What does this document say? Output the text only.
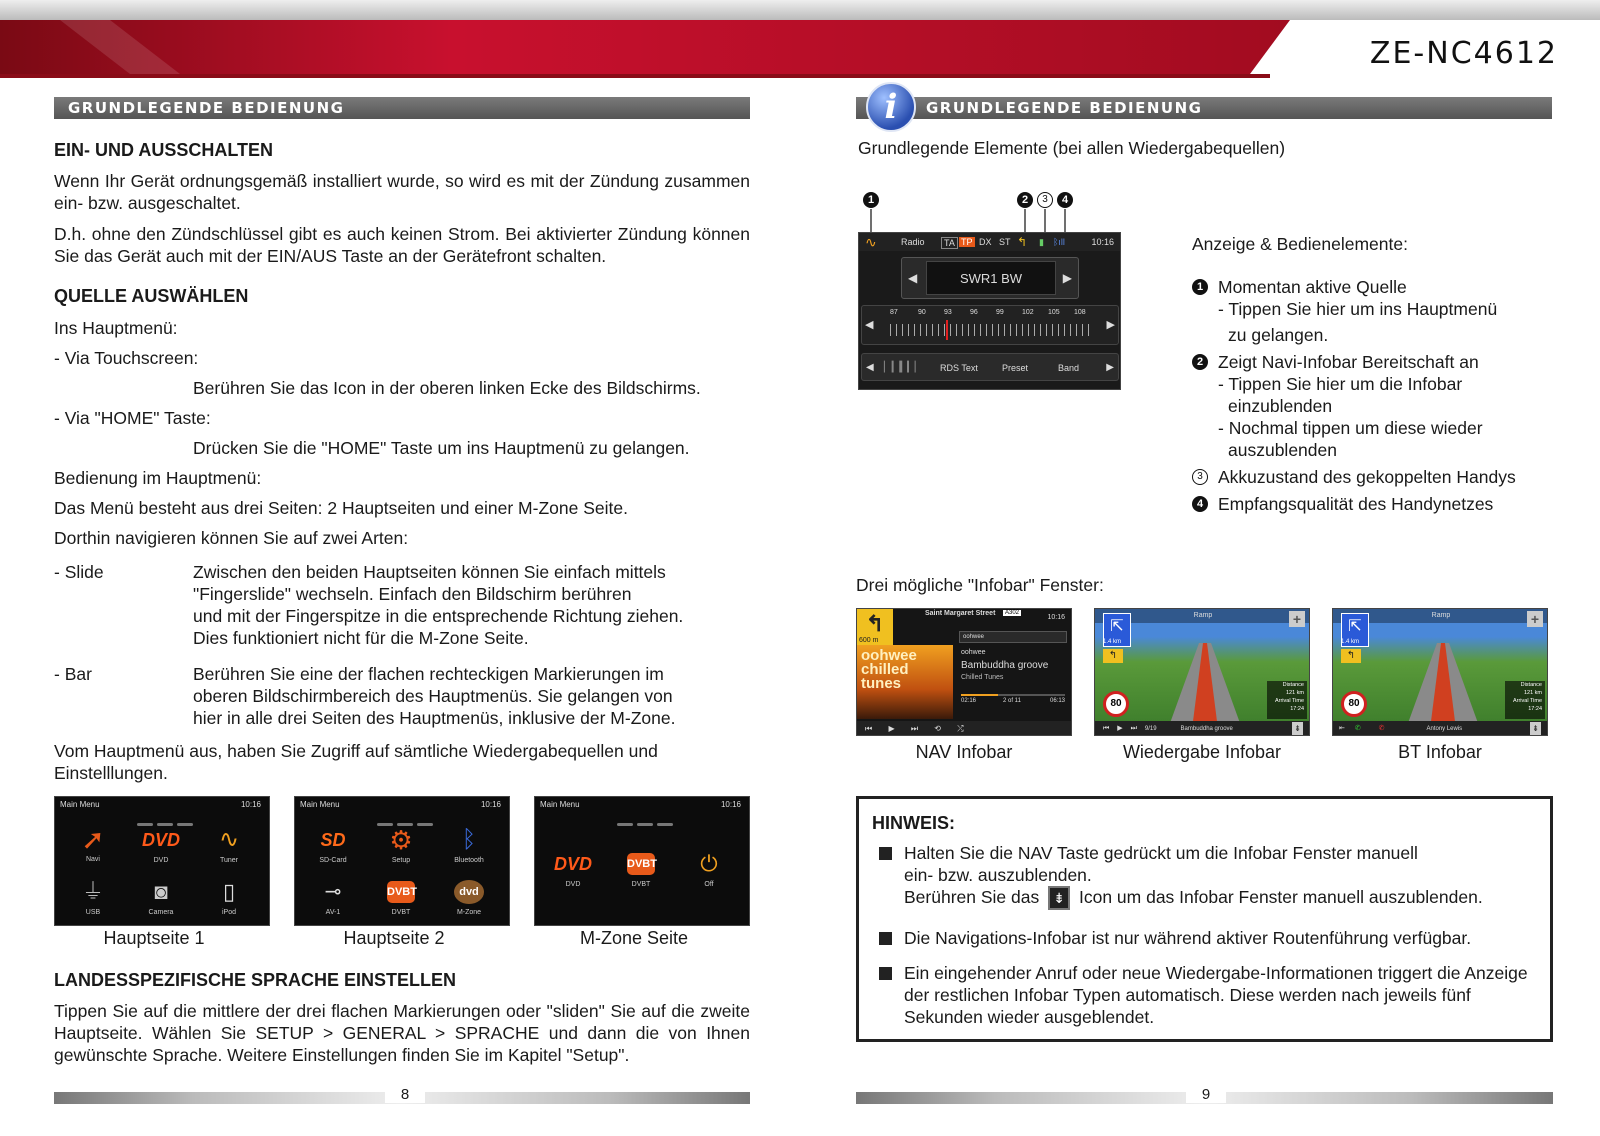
ZE-NC4612
GRUNDLEGENDE BEDIENUNG
EIN- UND AUSSCHALTEN
Wenn Ihr Gerät ordnungsgemäß installiert wurde, so wird es mit der Zündung zusammen ein- bzw. ausgeschaltet.
D.h. ohne den Zündschlüssel gibt es auch keinen Strom. Bei aktivierter Zündung können Sie das Gerät auch mit der EIN/AUS Taste an der Gerätefront schalten.
QUELLE AUSWÄHLEN
Ins Hauptmenü:
- Via Touchscreen:
Berühren Sie das Icon in der oberen linken Ecke des Bildschirms.
- Via "HOME" Taste:
Drücken Sie die "HOME" Taste um ins Hauptmenü zu gelangen.
Bedienung im Hauptmenü:
Das Menü besteht aus drei Seiten: 2 Hauptseiten und einer M-Zone Seite.
Dorthin navigieren können Sie auf zwei Arten:
- Slide	Zwischen den beiden Hauptseiten können Sie einfach mittels
"Fingerslide" wechseln. Einfach den Bildschirm berühren
und mit der Fingerspitze in die entsprechende Richtung ziehen.
Dies funktioniert nicht für die M-Zone Seite.
- Bar	Berühren Sie eine der flachen rechteckigen Markierungen im
oberen Bildschirmbereich des Hauptmenüs. Sie gelangen von
hier in alle drei Seiten des Hauptmenüs, inklusive der M-Zone.
Vom Hauptmenü aus, haben Sie Zugriff auf sämtliche Wiedergabequellen und Einstelllungen.
Main Menu	10:16
➚
Navi
DVD
DVD
∿
Tuner
⏚
USB
◙
Camera
▯
iPod
Hauptseite 1
Main Menu	10:16
SD
SD-Card
⚙
Setup
ᛒ
Bluetooth
⊸
AV-1
DVBT
DVBT
dvd
M-Zone
Hauptseite 2
Main Menu	10:16
DVD
DVD
DVBT
DVBT
⏻
Off
M-Zone Seite
LANDESSPEZIFISCHE SPRACHE EINSTELLEN
Tippen Sie auf die mittlere der drei flachen Markierungen oder "sliden" Sie auf die zweite Hauptseite. Wählen Sie SETUP > GENERAL > SPRACHE und dann die von Ihnen gewünschte Sprache. Weitere Einstellungen finden Sie im Kapitel "Setup".
8
GRUNDLEGENDE BEDIENUNG
i
Grundlegende Elemente (bei allen Wiedergabequellen)
1	2	3	4
∿	Radio	TA TP DX ST ↰ ▮ ᛒıll	10:16
◀	SWR1 BW	▶
◀
87	90	93	96	99	102 105 108
▶
◀ ▏▎▍▎▏ RDS Text	Preset	Band	▶
Anzeige & Bedienelemente:
1 Momentan aktive Quelle
- Tippen Sie hier um ins Hauptmenü
zu gelangen.
2 Zeigt Navi-Infobar Bereitschaft an
- Tippen Sie hier um die Infobar
einzublenden
- Nochmal tippen um diese wieder
auszublenden
3 Akkuzustand des gekoppelten Handys
4 Empfangsqualität des Handynetzes
Drei mögliche "Infobar" Fenster:
↰
600 m
Saint Margaret Street	A302
10:16
oohwee chilled tunes
oohwee
oohwee
Bambuddha groove
Chilled Tunes
02:16	2 of 11	06:13
⏮ ▶ ⏭ ⟲ ⤮
NAV Infobar
Ramp
⇱
1.4 km
↰
+
80
Distance
121 km
Arrival Time
17:24
⏮ ▶ ⏭ 9/19	Bambuddha groove	⇟
Wiedergabe Infobar
Ramp
⇱
1.4 km
↰
+
80
Distance
121 km
Arrival Time
17:24
⇤ ✆	✆	Antony Lewis	⇟
BT Infobar
HINWEIS:
Halten Sie die NAV Taste gedrückt um die Infobar Fenster manuell
ein- bzw. auszublenden.
Berühren Sie das ⇟ Icon um das Infobar Fenster manuell auszublenden.
Die Navigations-Infobar ist nur während aktiver Routenführung verfügbar.
Ein eingehender Anruf oder neue Wiedergabe-Informationen triggert die Anzeige der restlichen Infobar Typen automatisch. Diese werden nach jeweils fünf Sekunden wieder ausgeblendet.
9
